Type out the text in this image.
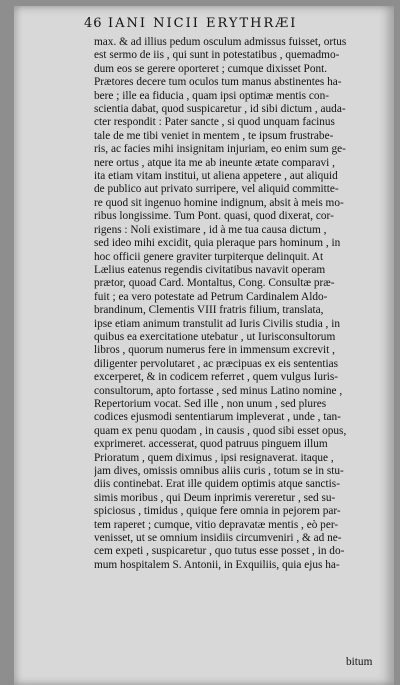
46 IANI NICII ERYTHRÆI
max. & ad illius pedum osculum admissus fuisset, ortus
est sermo de iis , qui sunt in potestatibus , quemadmo-
dum eos se gerere oporteret ; cumque dixisset Pont.
Prætores decere tum oculos tum manus abstinentes ha-
bere ; ille ea fiducia , quam ipsi optimæ mentis con-
scientia dabat, quod suspicaretur , id sibi dictum , auda-
cter respondit : Pater sancte , si quod unquam facinus
tale de me tibi veniet in mentem , te ipsum frustrabe-
ris, ac facies mihi insignitam injuriam, eo enim sum ge-
nere ortus , atque ita me ab ineunte ætate comparavi ,
ita etiam vitam institui, ut aliena appetere , aut aliquid
de publico aut privato surripere, vel aliquid committe-
re quod sit ingenuo homine indignum, absit à meis mo-
ribus longissime. Tum Pont. quasi, quod dixerat, cor-
rigens : Noli existimare , id à me tua causa dictum ,
sed ideo mihi excidit, quia pleraque pars hominum , in
hoc officii genere graviter turpiterque delinquit. At
Lælius eatenus regendis civitatibus navavit operam
prætor, quoad Card. Montaltus, Cong. Consultæ præ-
fuit ; ea vero potestate ad Petrum Cardinalem Aldo-
brandinum, Clementis VIII fratris filium, translata,
ipse etiam animum transtulit ad Iuris Civilis studia , in
quibus ea exercitatione utebatur , ut Iurisconsultorum
libros , quorum numerus fere in immensum excrevit ,
diligenter pervolutaret , ac præcipuas ex eis sententias
excerperet, & in codicem referret , quem vulgus Iuris-
consultorum, apto fortasse , sed minus Latino nomine ,
Repertorium vocat. Sed ille , non unum , sed plures
codices ejusmodi sententiarum impleverat , unde , tan-
quam ex penu quodam , in causis , quod sibi esset opus,
exprimeret. accesserat, quod patruus pinguem illum
Prioratum , quem diximus , ipsi resignaverat. itaque ,
jam dives, omissis omnibus aliis curis , totum se in stu-
diis continebat. Erat ille quidem optimis atque sanctis-
simis moribus , qui Deum inprimis vereretur , sed su-
spiciosus , timidus , quique fere omnia in pejorem par-
tem raperet ; cumque, vitio depravatæ mentis , eò per-
venisset, ut se omnium insidiis circumveniri , & ad ne-
cem expeti , suspicaretur , quo tutus esse posset , in do-
mum hospitalem S. Antonii, in Exquiliis, quia ejus ha-
bitum
